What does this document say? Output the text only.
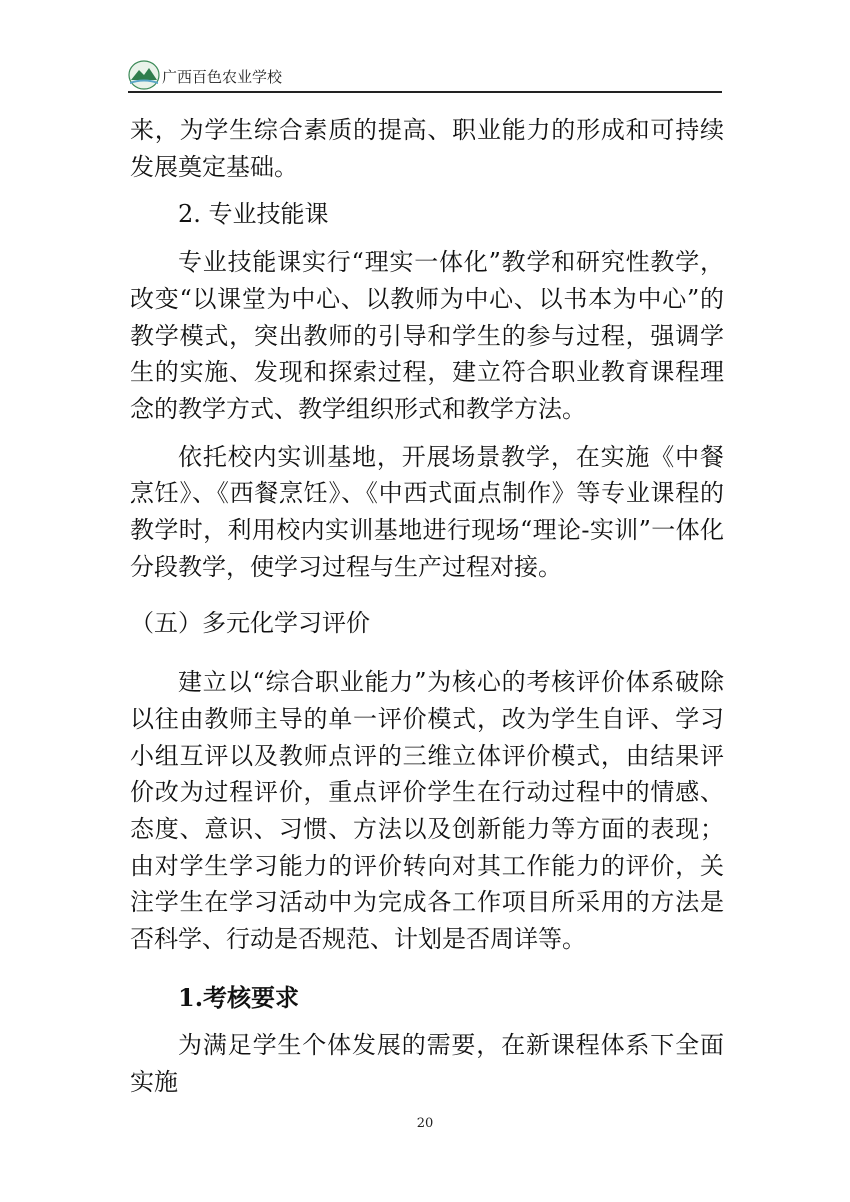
广西百色农业学校

来，为学生综合素质的提高、职业能力的形成和可持续发展奠定基础。

2. 专业技能课

专业技能课实行“理实一体化”教学和研究性教学，改变“以课堂为中心、以教师为中心、以书本为中心”的教学模式，突出教师的引导和学生的参与过程，强调学生的实施、发现和探索过程，建立符合职业教育课程理念的教学方式、教学组织形式和教学方法。

依托校内实训基地，开展场景教学，在实施《中餐烹饪》、《西餐烹饪》、《中西式面点制作》等专业课程的教学时，利用校内实训基地进行现场“理论-实训”一体化分段教学，使学习过程与生产过程对接。

（五）多元化学习评价

建立以“综合职业能力”为核心的考核评价体系破除以往由教师主导的单一评价模式，改为学生自评、学习小组互评以及教师点评的三维立体评价模式，由结果评价改为过程评价，重点评价学生在行动过程中的情感、态度、意识、习惯、方法以及创新能力等方面的表现；由对学生学习能力的评价转向对其工作能力的评价，关注学生在学习活动中为完成各工作项目所采用的方法是否科学、行动是否规范、计划是否周详等。

1.考核要求

为满足学生个体发展的需要，在新课程体系下全面实施

20
